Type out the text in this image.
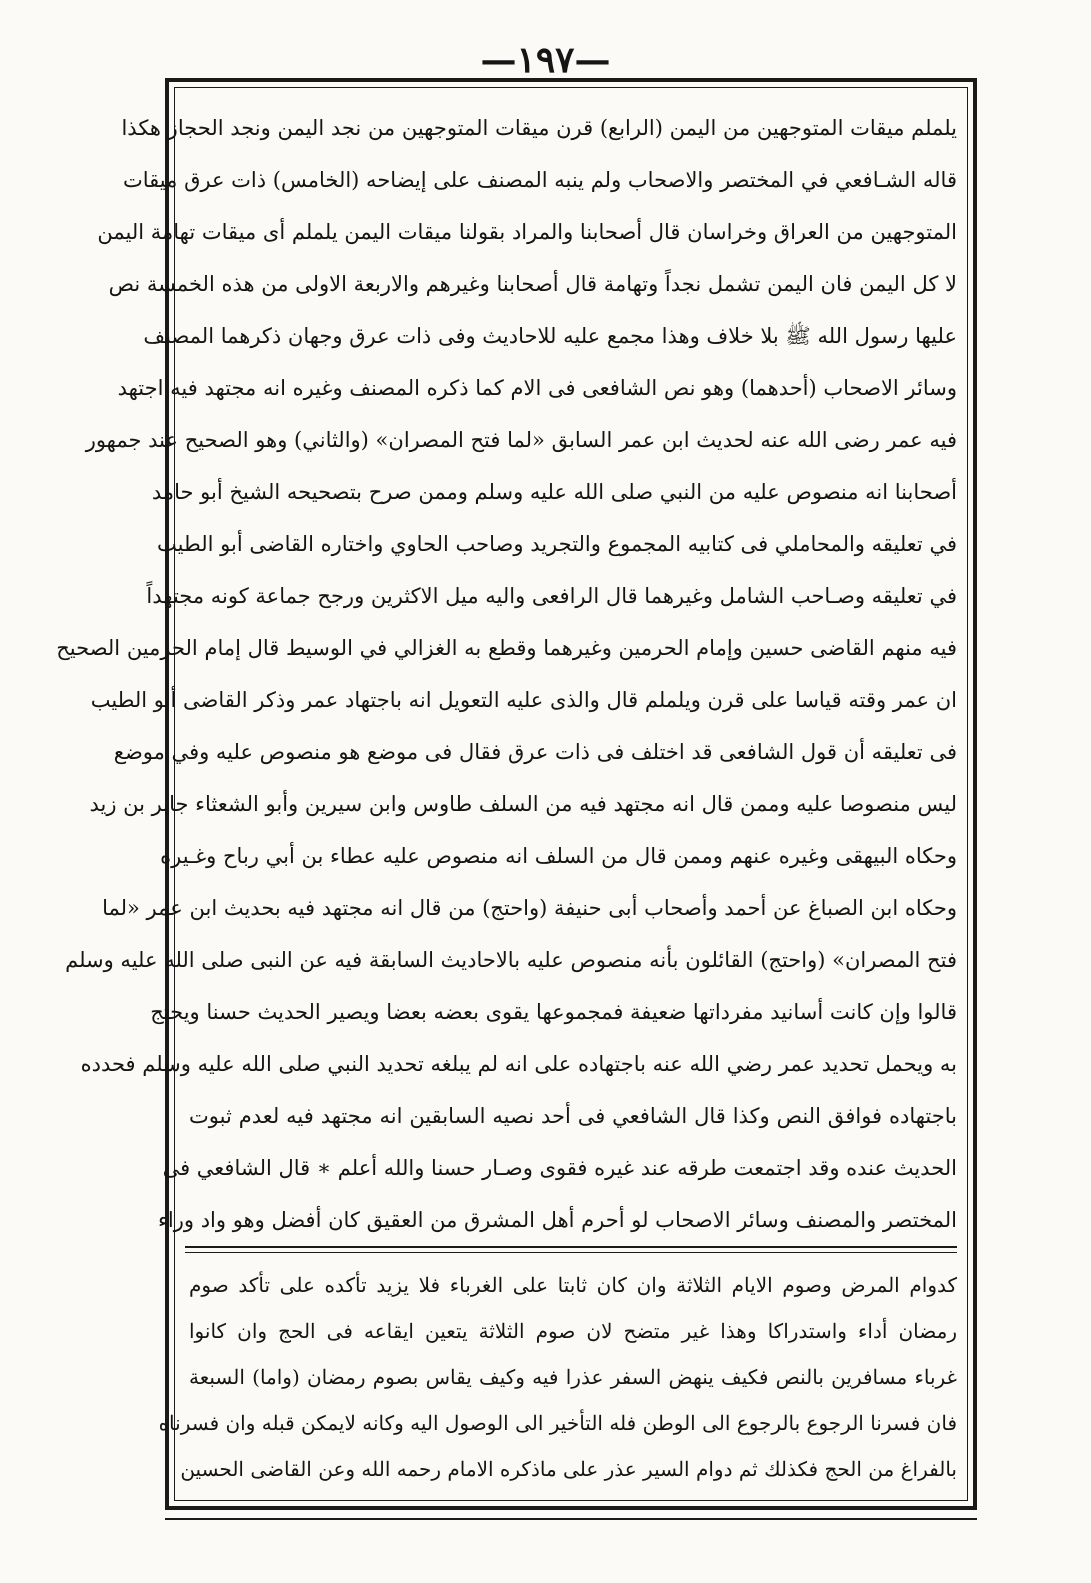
—١٩٧—
يلملم ميقات المتوجهين من اليمن (الرابع) قرن ميقات المتوجهين من نجد اليمن ونجد الحجاز هكذا
قاله الشـافعي في المختصر والاصحاب ولم ينبه المصنف على إيضاحه (الخامس) ذات عرق ميقات
المتوجهين من العراق وخراسان قال أصحابنا والمراد بقولنا ميقات اليمن يلملم أى ميقات تهامة اليمن
لا كل اليمن فان اليمن تشمل نجداً وتهامة قال أصحابنا وغيرهم والاربعة الاولى من هذه الخمسة نص
عليها رسول الله ﷺ بلا خلاف وهذا مجمع عليه للاحاديث وفى ذات عرق وجهان ذكرهما المصنف
وسائر الاصحاب (أحدهما) وهو نص الشافعى فى الام كما ذكره المصنف وغيره انه مجتهد فيه اجتهد
فيه عمر رضى الله عنه لحديث ابن عمر السابق «لما فتح المصران» (والثاني) وهو الصحيح عند جمهور
أصحابنا انه منصوص عليه من النبي صلى الله عليه وسلم وممن صرح بتصحيحه الشيخ أبو حامد
في تعليقه والمحاملي فى كتابيه المجموع والتجريد وصاحب الحاوي واختاره القاضى أبو الطيب
في تعليقه وصـاحب الشامل وغيرهما قال الرافعى واليه ميل الاكثرين ورجح جماعة كونه مجتهداً
فيه منهم القاضى حسين وإمام الحرمين وغيرهما وقطع به الغزالي في الوسيط قال إمام الحرمين الصحيح
ان عمر وقته قياسا على قرن ويلملم قال والذى عليه التعويل انه باجتهاد عمر وذكر القاضى أبو الطيب
فى تعليقه أن قول الشافعى قد اختلف فى ذات عرق فقال فى موضع هو منصوص عليه وفي موضع
ليس منصوصا عليه وممن قال انه مجتهد فيه من السلف طاوس وابن سيرين وأبو الشعثاء جابر بن زيد
وحكاه البيهقى وغيره عنهم وممن قال من السلف انه منصوص عليه عطاء بن أبي رباح وغـيره
وحكاه ابن الصباغ عن أحمد وأصحاب أبى حنيفة (واحتج) من قال انه مجتهد فيه بحديث ابن عمر «لما
فتح المصران» (واحتج) القائلون بأنه منصوص عليه بالاحاديث السابقة فيه عن النبى صلى الله عليه وسلم
قالوا وإن كانت أسانيد مفرداتها ضعيفة فمجموعها يقوى بعضه بعضا ويصير الحديث حسنا ويحتج
به ويحمل تحديد عمر رضي الله عنه باجتهاده على انه لم يبلغه تحديد النبي صلى الله عليه وسلم فحدده
باجتهاده فوافق النص وكذا قال الشافعي فى أحد نصيه السابقين انه مجتهد فيه لعدم ثبوت
الحديث عنده وقد اجتمعت طرقه عند غيره فقوى وصـار حسنا والله أعلم ∗ قال الشافعي فى
المختصر والمصنف وسائر الاصحاب لو أحرم أهل المشرق من العقيق كان أفضل وهو واد وراء
كدوام المرض وصوم الايام الثلاثة وان كان ثابتا على الغرباء فلا يزيد تأكده على تأكد صوم
رمضان أداء واستدراكا وهذا غير متضح لان صوم الثلاثة يتعين ايقاعه فى الحج وان كانوا
غرباء مسافرين بالنص فكيف ينهض السفر عذرا فيه وكيف يقاس بصوم رمضان (واما) السبعة
فان فسرنا الرجوع بالرجوع الى الوطن فله التأخير الى الوصول اليه وكانه لايمكن قبله وان فسرناه
بالفراغ من الحج فكذلك ثم دوام السير عذر على ماذكره الامام رحمه الله وعن القاضى الحسين
